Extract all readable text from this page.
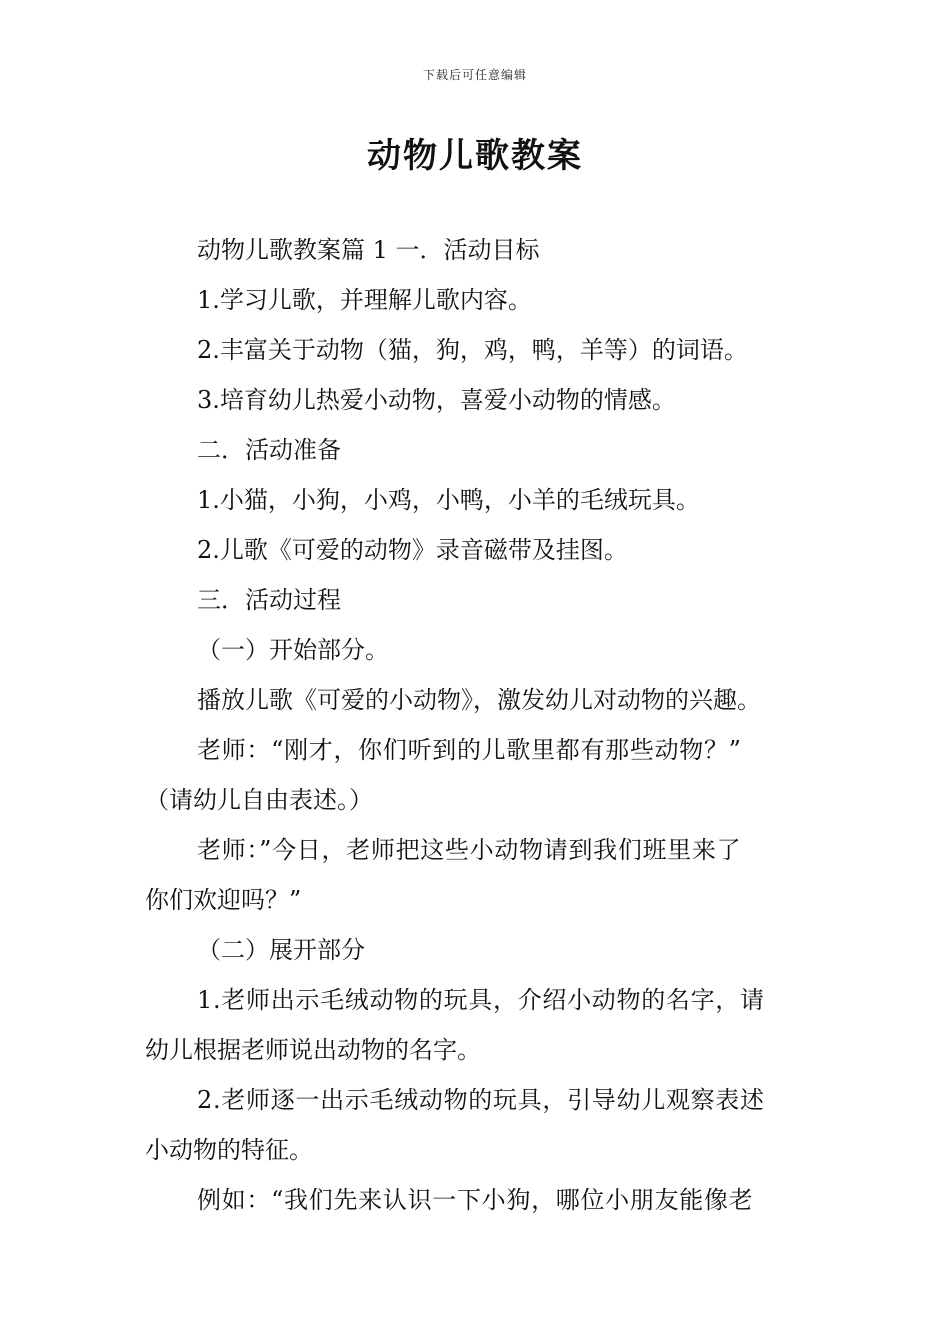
下载后可任意编辑
动物儿歌教案

动物儿歌教案篇 1 一．活动目标

1.学习儿歌，并理解儿歌内容。

2.丰富关于动物（猫，狗，鸡，鸭，羊等）的词语。

3.培育幼儿热爱小动物，喜爱小动物的情感。

二．活动准备

1.小猫，小狗，小鸡，小鸭，小羊的毛绒玩具。

2.儿歌《可爱的动物》录音磁带及挂图。

三．活动过程

（一）开始部分。

播放儿歌《可爱的小动物》，激发幼儿对动物的兴趣。

老师：“刚才，你们听到的儿歌里都有那些动物？”

（请幼儿自由表述。）

老师：”今日，老师把这些小动物请到我们班里来了

你们欢迎吗？”

（二）展开部分

1.老师出示毛绒动物的玩具，介绍小动物的名字，请

幼儿根据老师说出动物的名字。

2.老师逐一出示毛绒动物的玩具，引导幼儿观察表述

小动物的特征。

例如：“我们先来认识一下小狗，哪位小朋友能像老
